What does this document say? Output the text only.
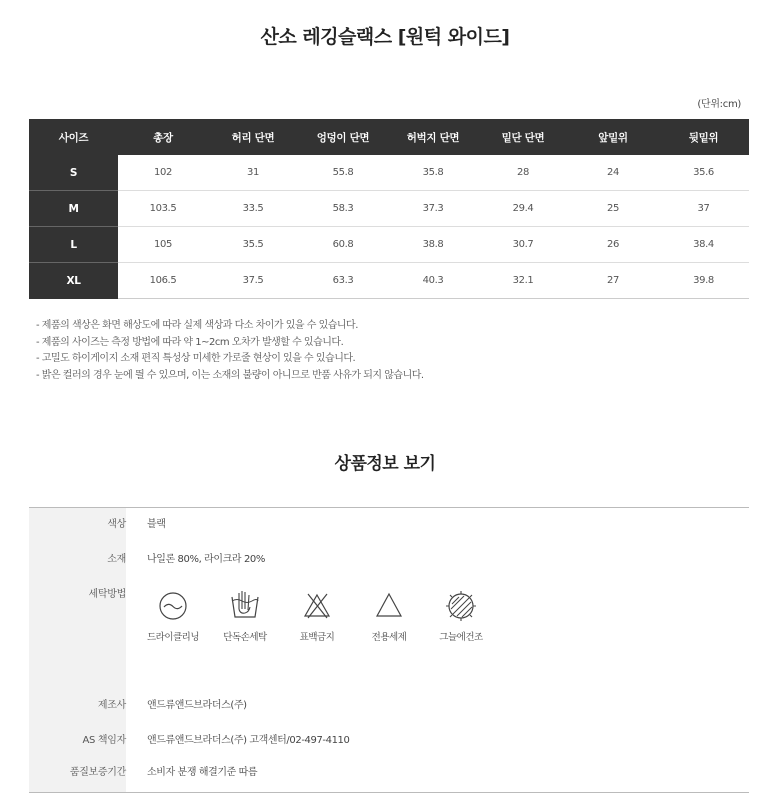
산소 레깅슬랙스 [원턱 와이드]
(단위:cm)
사이즈	총장	허리 단면	엉덩이 단면	허벅지 단면	밑단 단면	앞밑위	뒷밑위
S	102	31	55.8	35.8	28	24	35.6
M	103.5	33.5	58.3	37.3	29.4	25	37
L	105	35.5	60.8	38.8	30.7	26	38.4
XL	106.5	37.5	63.3	40.3	32.1	27	39.8
- 제품의 색상은 화면 해상도에 따라 실제 색상과 다소 차이가 있을 수 있습니다.
- 제품의 사이즈는 측정 방법에 따라 약 1~2cm 오차가 발생할 수 있습니다.
- 고밀도 하이게이지 소재 편직 특성상 미세한 가로줄 현상이 있을 수 있습니다.
- 밝은 컬러의 경우 눈에 띌 수 있으며, 이는 소재의 불량이 아니므로 반품 사유가 되지 않습니다.
상품정보 보기
색상	블랙
소재	나일론 80%, 라이크라 20%
세탁방법
드라이클리닝	단독손세탁	표백금지	전용세제	그늘에건조
제조사	앤드류앤드브라더스(주)
AS 책임자	앤드류앤드브라더스(주) 고객센터/02-497-4110
품질보증기간	소비자 분쟁 해결기준 따름
